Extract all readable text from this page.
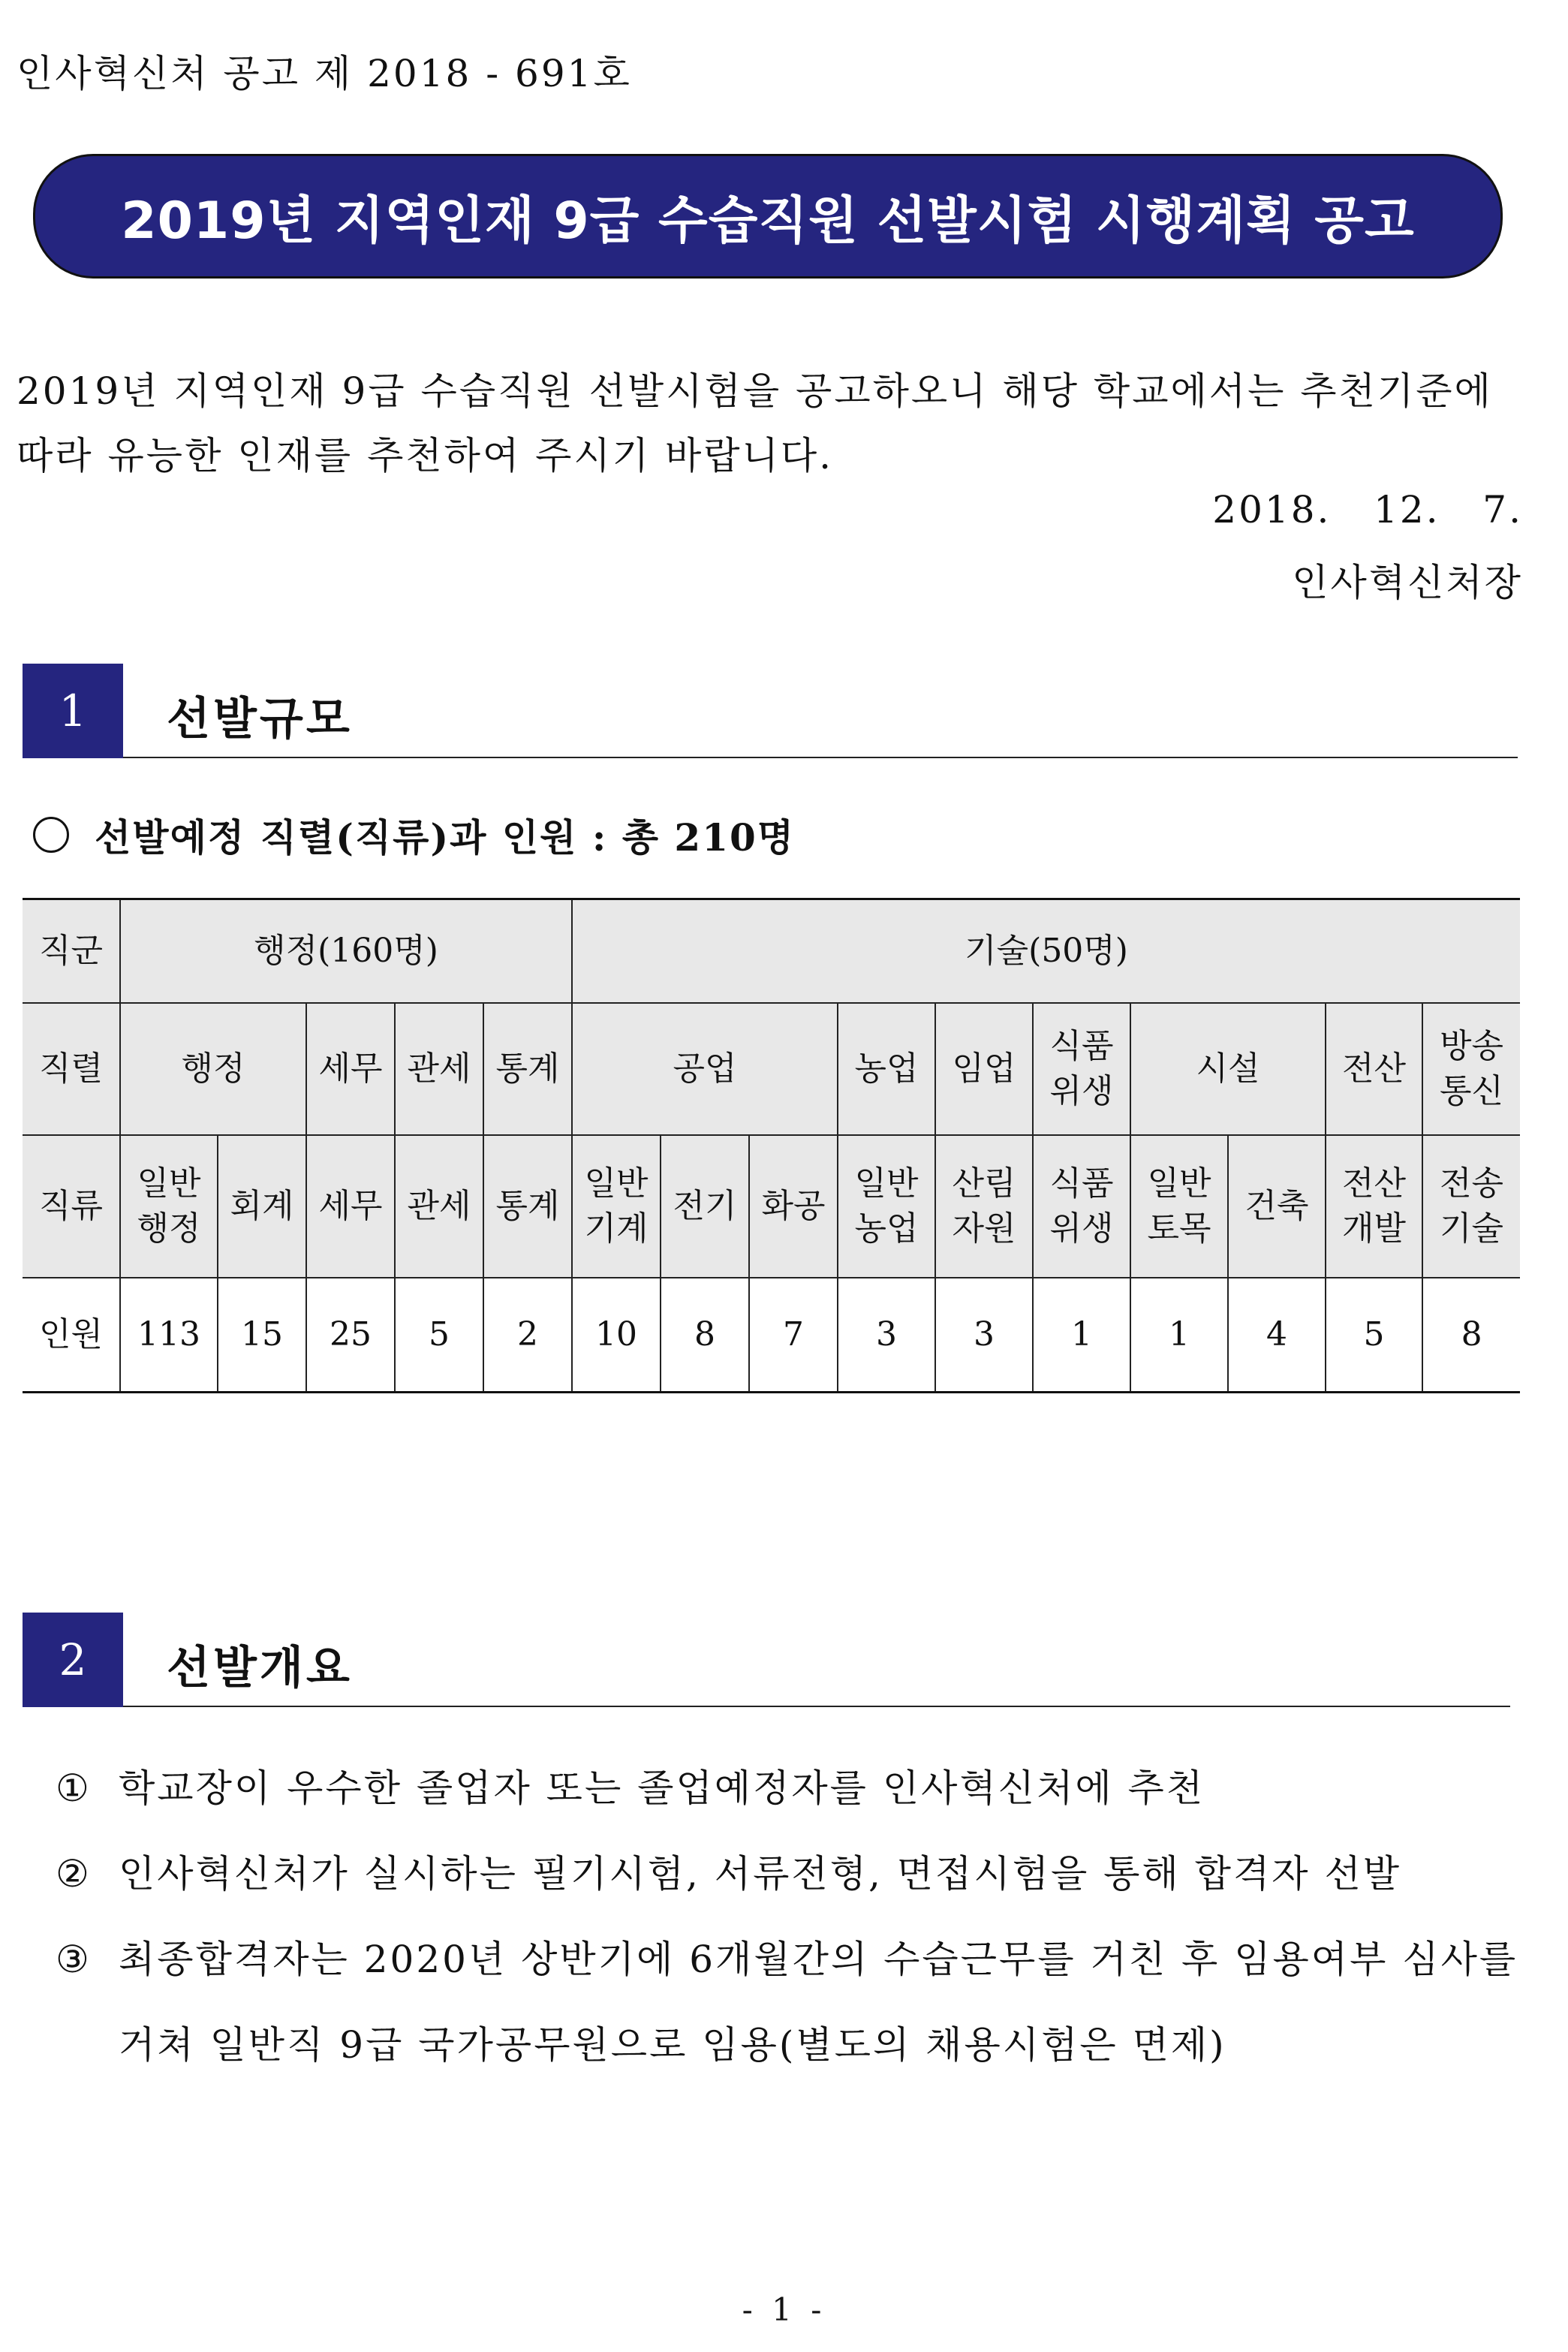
인사혁신처 공고 제 2018 - 691호
2019년 지역인재 9급 수습직원 선발시험 시행계획 공고
2019년 지역인재 9급 수습직원 선발시험을 공고하오니 해당 학교에서는 추천기준에
따라 유능한 인재를 추천하여 주시기 바랍니다.
2018.   12.   7.
인사혁신처장
1	선발규모
선발예정 직렬(직류)과 인원 : 총 210명
직군	행정(160명)					기술(50명)									
직렬	행정		세무	관세	통계	공업			농업	임업	식품 위생	시설		전산	방송 통신
직류	일반 행정	회계	세무	관세	통계	일반 기계	전기	화공	일반 농업	산림 자원	식품 위생	일반 토목	건축	전산 개발	전송 기술
인원	113	15	25	5	2	10	8	7	3	3	1	1	4	5	8
2	선발개요
① 학교장이 우수한 졸업자 또는 졸업예정자를 인사혁신처에 추천
② 인사혁신처가 실시하는 필기시험, 서류전형, 면접시험을 통해 합격자 선발
③ 최종합격자는 2020년 상반기에 6개월간의 수습근무를 거친 후 임용여부 심사를
거쳐 일반직 9급 국가공무원으로 임용(별도의 채용시험은 면제)
- 1 -
